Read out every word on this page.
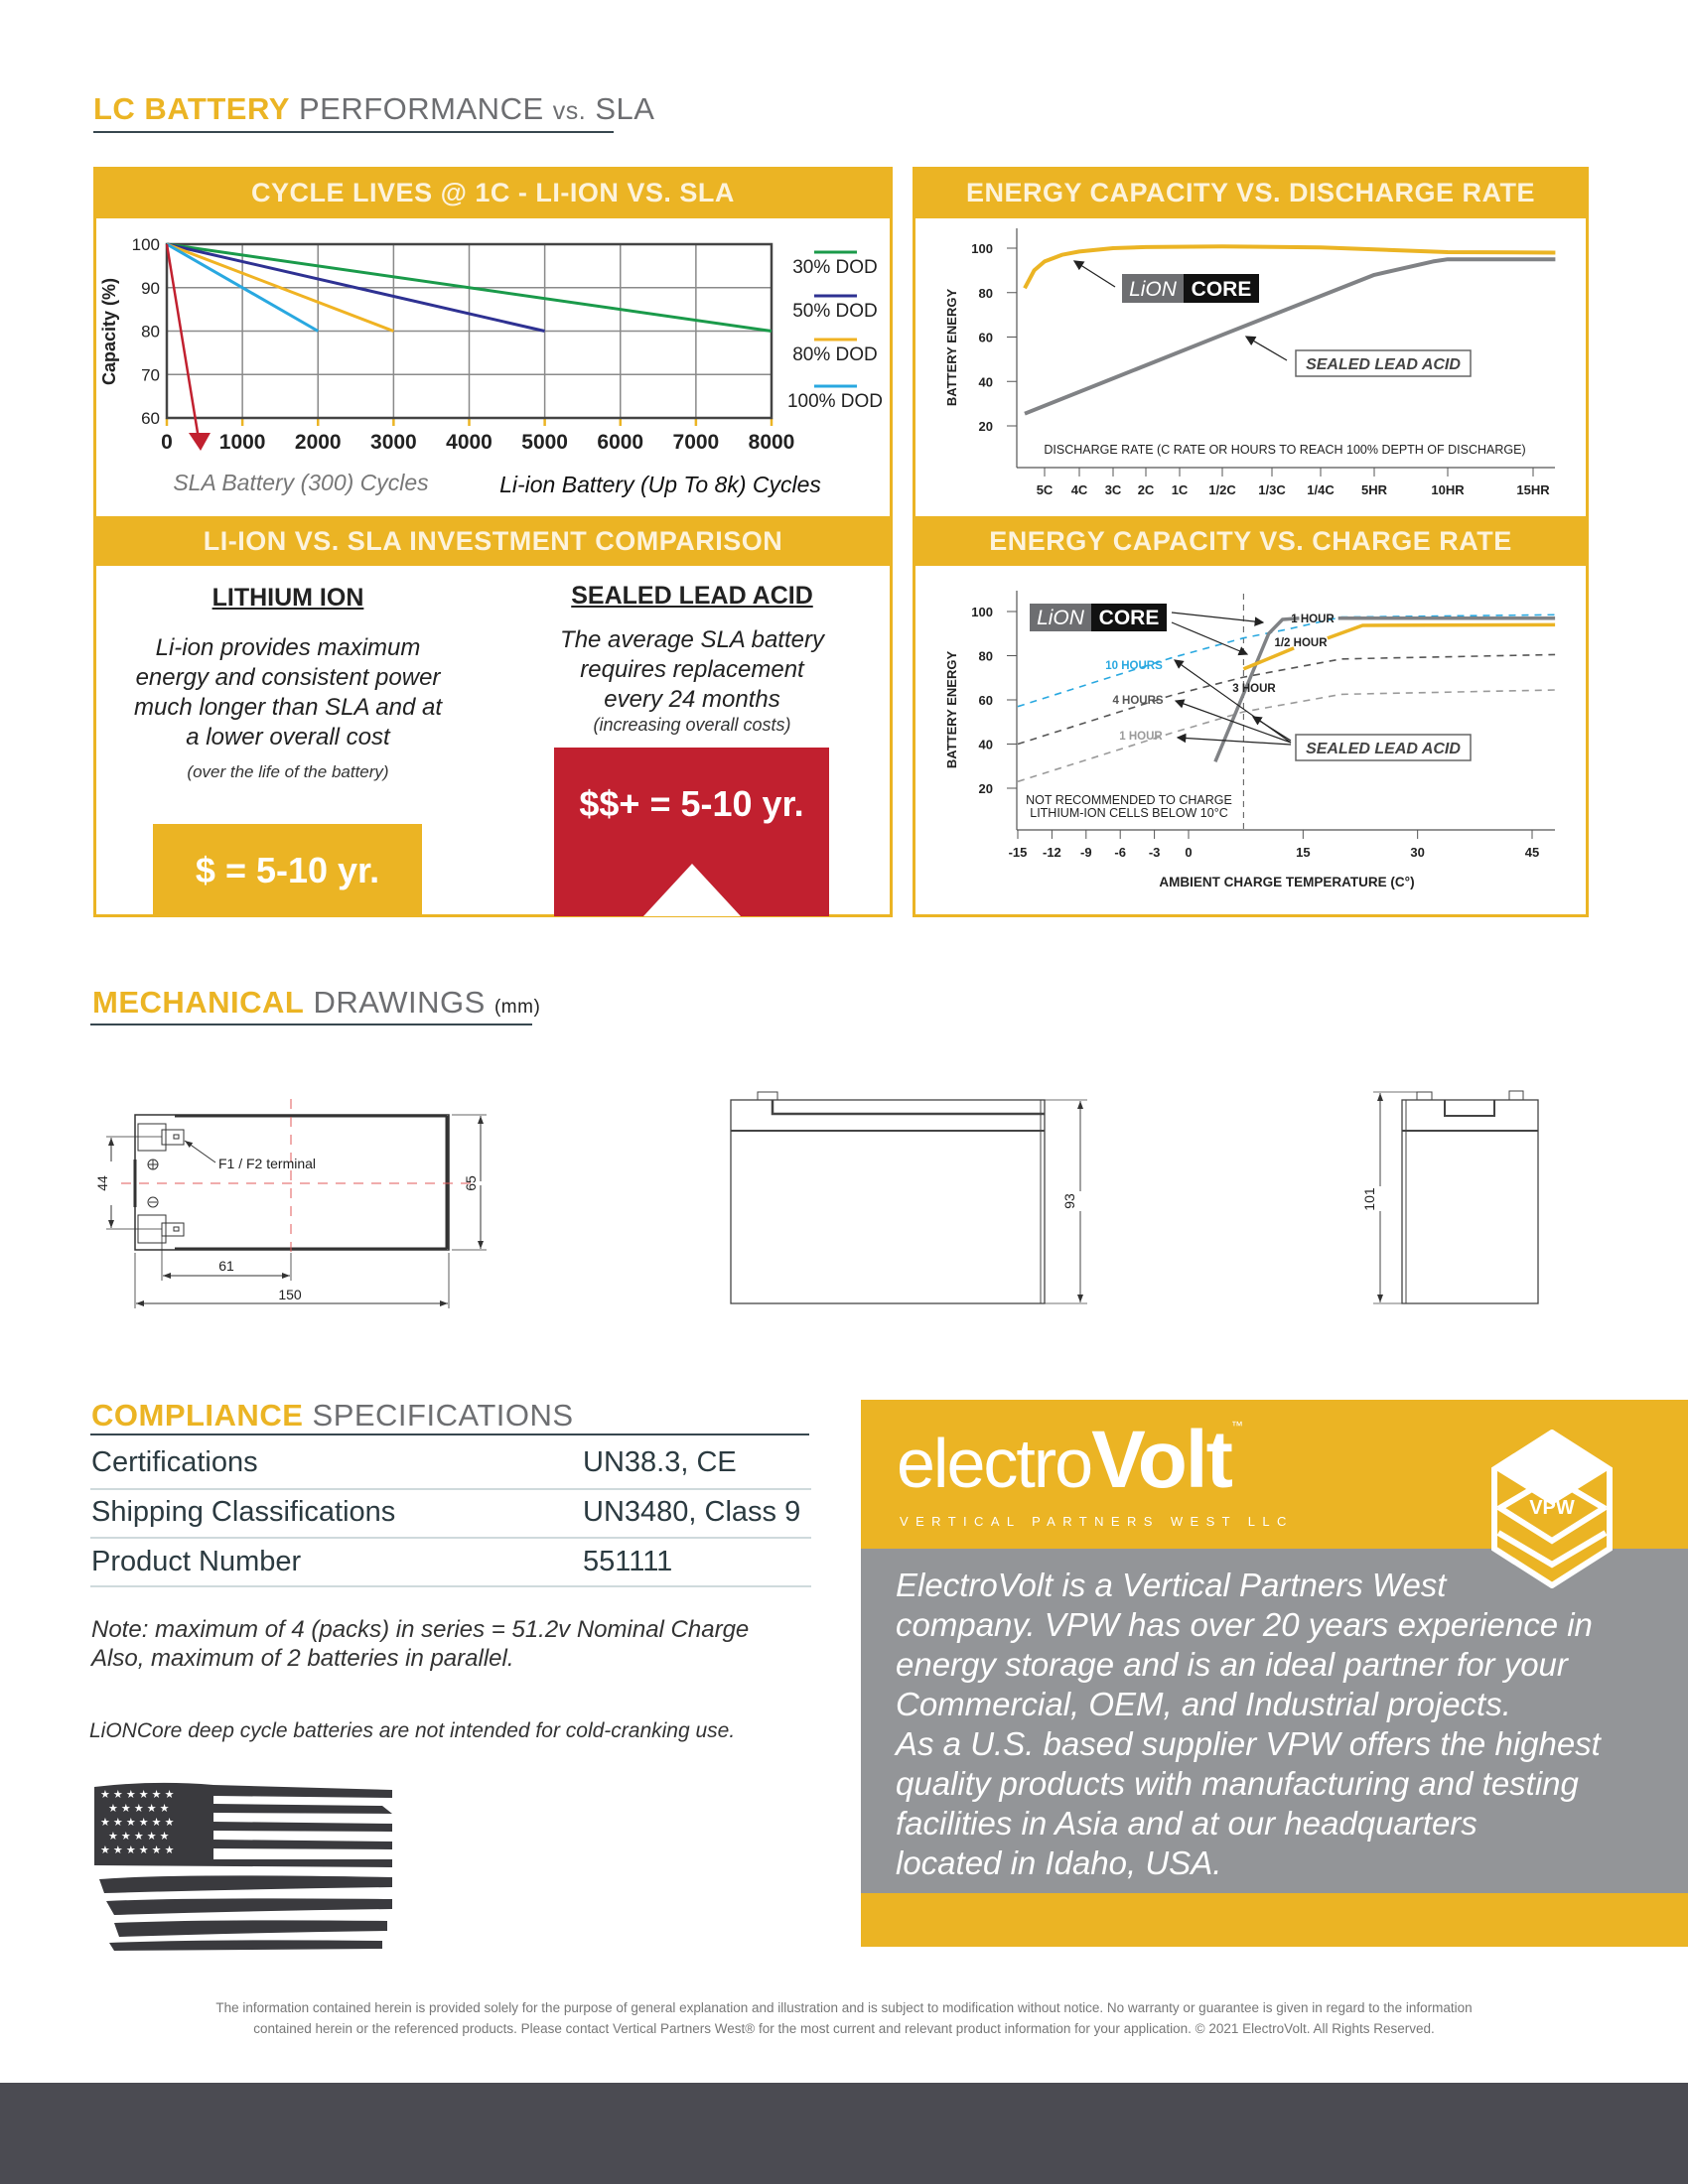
LC BATTERY PERFORMANCE vs. SLA
CYCLE LIVES @ 1C - LI-ION VS. SLA	ENERGY CAPACITY VS. DISCHARGE RATE
LI-ION VS. SLA INVESTMENT COMPARISON	ENERGY CAPACITY VS. CHARGE RATE
LITHIUM ION
Li-ion provides maximum
energy and consistent power
much longer than SLA and at
a lower overall cost
(over the life of the battery)
$ = 5-10 yr.
SEALED LEAD ACID
The average SLA battery
requires replacement
every 24 months
(increasing overall costs)
$$+ = 5-10 yr.
Capacity (%)
SLA Battery (300) Cycles	Li-ion Battery (Up To 8k) Cycles
0 1000 2000 3000 4000 5000 6000 7000 8000
100
90
80
70
60
30% DOD
50% DOD
80% DOD
100% DOD	BATTERY ENERGY
DISCHARGE RATE (C RATE OR HOURS TO REACH 100% DEPTH OF DISCHARGE)
100
80
60
40
20
5C 4C 3C 2C 1C 1/2C 1/3C 1/4C 5HR	10HR	15HR
LiON CORE
SEALED LEAD ACID
BATTERY ENERGY
AMBIENT CHARGE TEMPERATURE (C°)
NOT RECOMMENDED TO CHARGE
LITHIUM-ION CELLS BELOW 10°C
100
80
60
40
20
-15 -12 -9 -6 -3 0	15	30	45
LiON CORE
SEALED LEAD ACID
10 HOURS
4 HOURS
1 HOUR
1 HOUR
1/2 HOUR
3 HOUR
MECHANICAL DRAWINGS (mm)
F1 / F2 terminal
44	65
61
150
93	101
COMPLIANCE SPECIFICATIONS
Certifications	UN38.3, CE
Shipping Classifications	UN3480, Class 9
Product Number	551111
Note: maximum of 4 (packs) in series = 51.2v Nominal Charge
Also, maximum of 2 batteries in parallel.
LiONCore deep cycle batteries are not intended for cold-cranking use.
★ ★ ★ ★ ★ ★
★ ★ ★ ★ ★
★ ★ ★ ★ ★ ★
★ ★ ★ ★ ★
★ ★ ★ ★ ★ ★
electroVolt™
VERTICAL PARTNERS WEST LLC
VPW
ElectroVolt is a Vertical Partners West
company. VPW has over 20 years experience in
energy storage and is an ideal partner for your
Commercial, OEM, and Industrial projects.
As a U.S. based supplier VPW offers the highest
quality products with manufacturing and testing
facilities in Asia and at our headquarters
located in Idaho, USA.
The information contained herein is provided solely for the purpose of general explanation and illustration and is subject to modification without notice. No warranty or guarantee is given in regard to the information
contained herein or the referenced products. Please contact Vertical Partners West® for the most current and relevant product information for your application. © 2021 ElectroVolt. All Rights Reserved.
